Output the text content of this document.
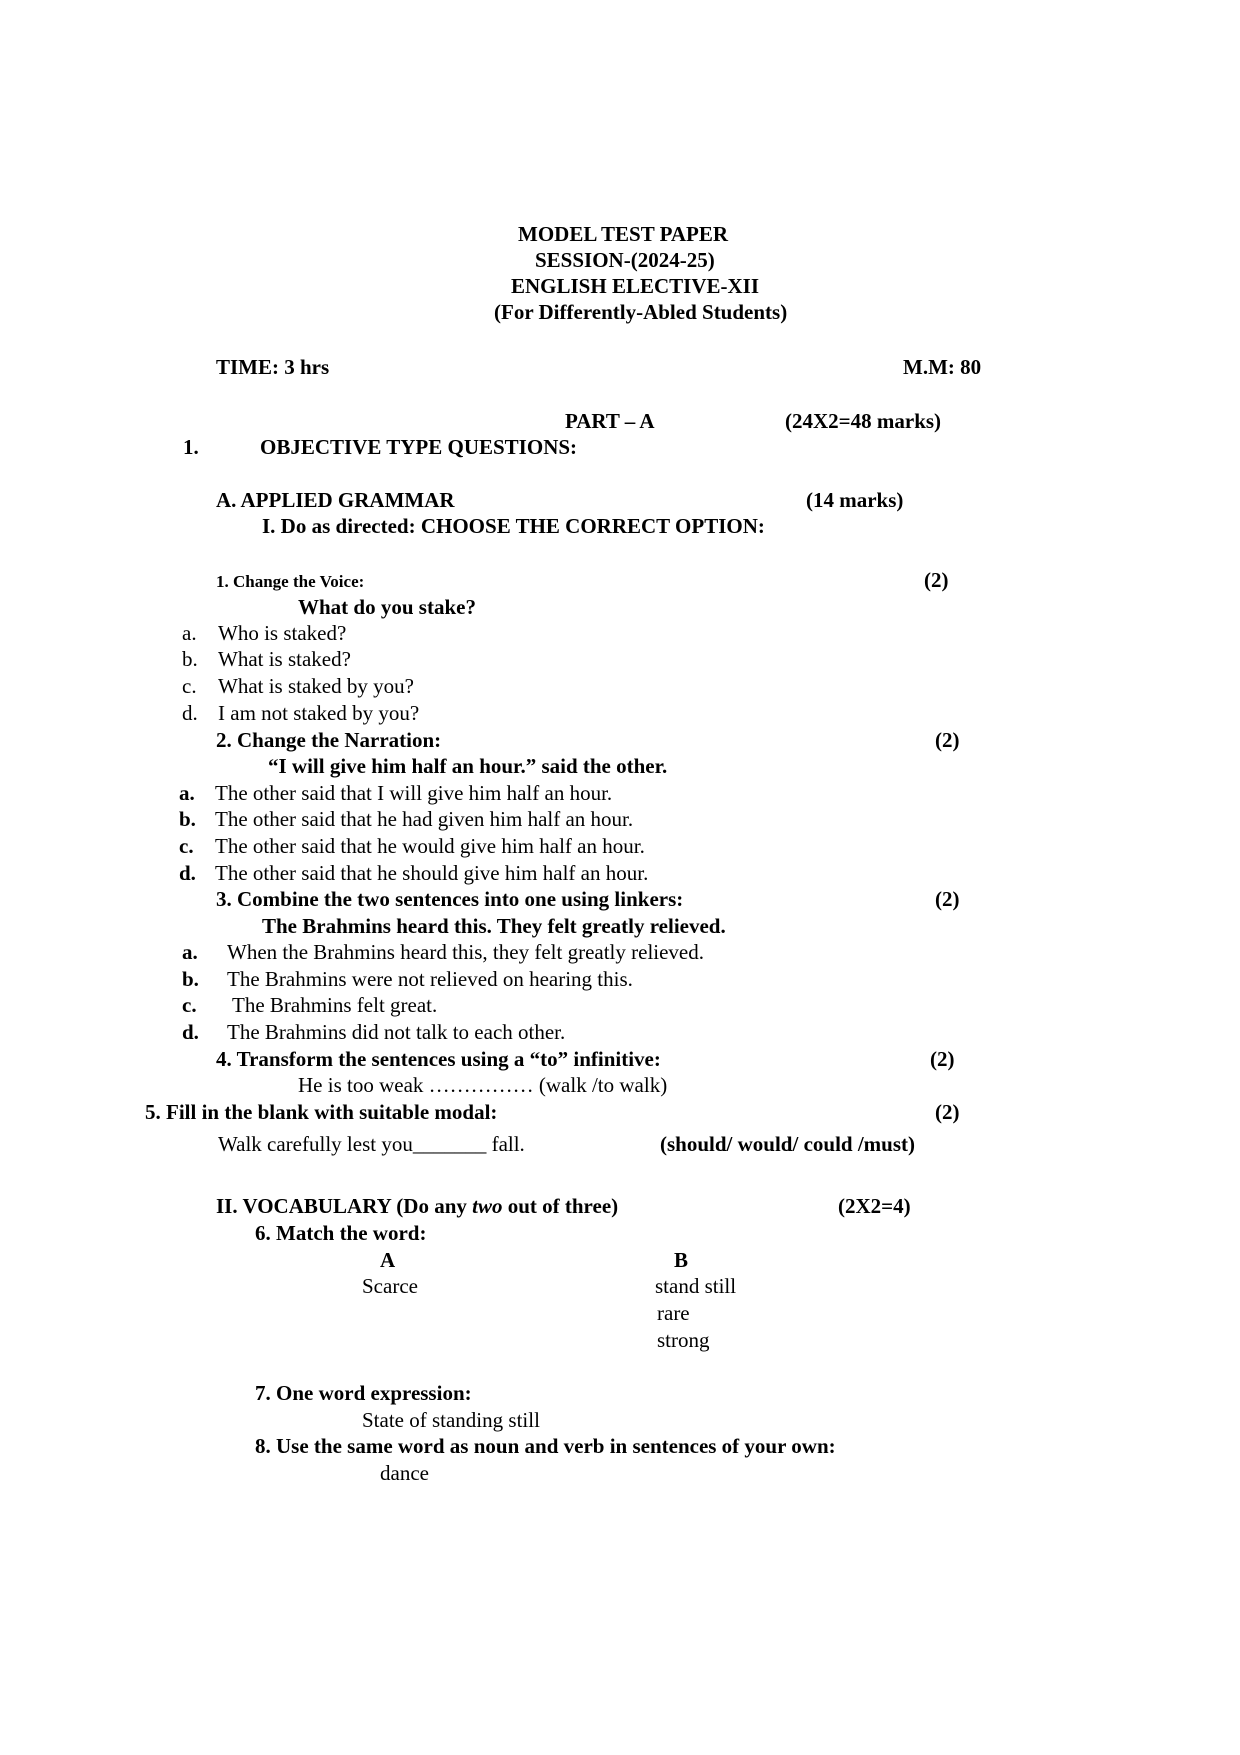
MODEL TEST PAPER
SESSION-(2024-25)
ENGLISH ELECTIVE-XII
(For Differently-Abled Students)
TIME: 3 hrs	M.M: 80
PART – A	(24X2=48 marks)
1.	OBJECTIVE TYPE QUESTIONS:
A. APPLIED GRAMMAR	(14 marks)
I. Do as directed: CHOOSE THE CORRECT OPTION:
1. Change the Voice:	(2)
What do you stake?
a. Who is staked?
b. What is staked?
c. What is staked by you?
d. I am not staked by you?
2. Change the Narration:	(2)
“I will give him half an hour.” said the other.
a. The other said that I will give him half an hour.
b. The other said that he had given him half an hour.
c. The other said that he would give him half an hour.
d. The other said that he should give him half an hour.
3. Combine the two sentences into one using linkers:	(2)
The Brahmins heard this. They felt greatly relieved.
a. When the Brahmins heard this, they felt greatly relieved.
b. The Brahmins were not relieved on hearing this.
c. The Brahmins felt great.
d. The Brahmins did not talk to each other.
4. Transform the sentences using a “to” infinitive:	(2)
He is too weak …………… (walk /to walk)
5. Fill in the blank with suitable modal:	(2)
Walk carefully lest you_______ fall.	(should/ would/ could /must)
II. VOCABULARY (Do any two out of three)	(2X2=4)
6. Match the word:
A	B
Scarce	stand still
rare
strong
7. One word expression:
State of standing still
8. Use the same word as noun and verb in sentences of your own:
dance
